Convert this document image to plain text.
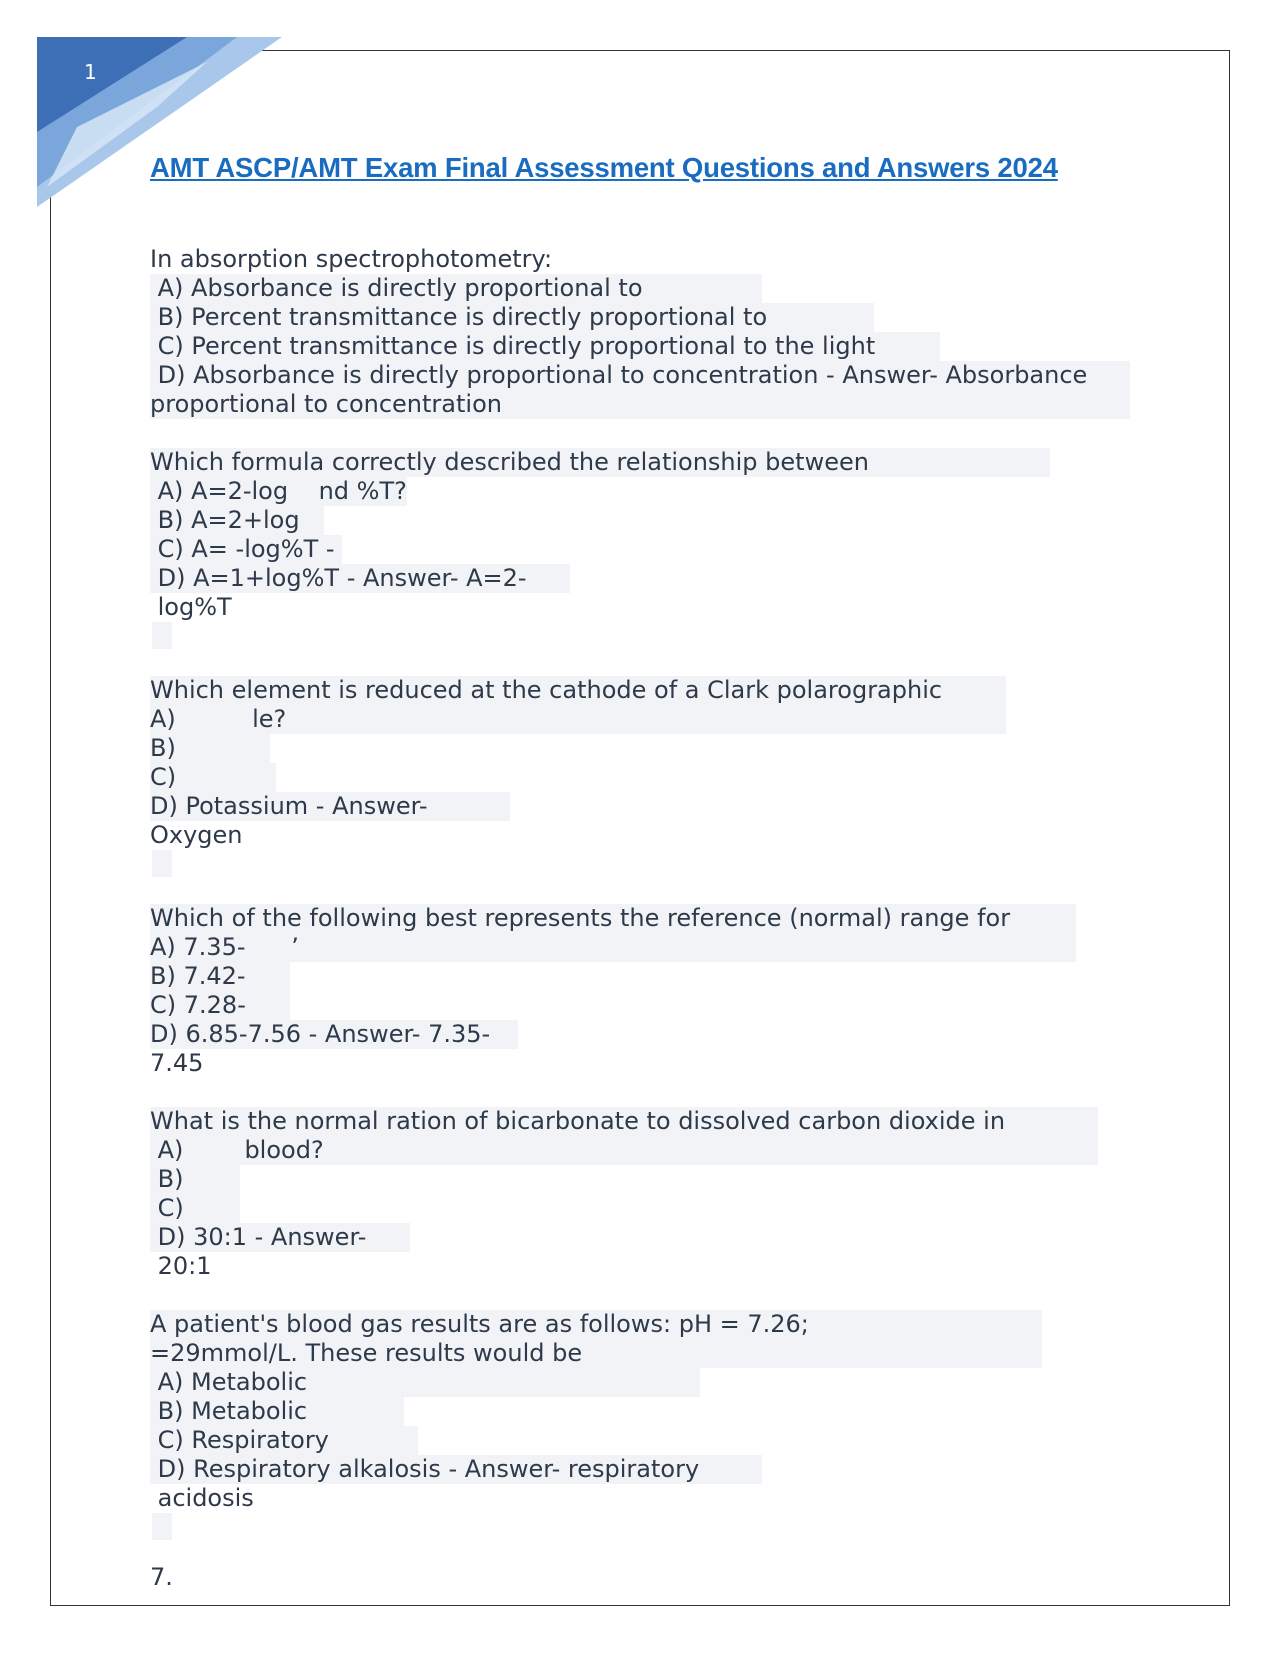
1
AMT ASCP/AMT Exam Final Assessment Questions and Answers 2024
In absorption spectrophotometry:
A) Absorbance is directly proportional to
B) Percent transmittance is directly proportional to
C) Percent transmittance is directly proportional to the light
D) Absorbance is directly proportional to concentration - Answer- Absorbance
proportional to concentration
Which formula correctly described the relationship between
A) A=2-log    nd %T?
B) A=2+log
C) A= -log%T -
D) A=1+log%T - Answer- A=2-
log%T
Which element is reduced at the cathode of a Clark polarographic
A)          le?
B)
C)
D) Potassium - Answer-
Oxygen
Which of the following best represents the reference (normal) range for
A) 7.35-      ʼ
B) 7.42-
C) 7.28-
D) 6.85-7.56 - Answer- 7.35-
7.45
What is the normal ration of bicarbonate to dissolved carbon dioxide in
A)        blood?
B)
C)
D) 30:1 - Answer-
20:1
A patient's blood gas results are as follows: pH = 7.26;
=29mmol/L. These results would be
A) Metabolic
B) Metabolic
C) Respiratory
D) Respiratory alkalosis - Answer- respiratory
acidosis
7.
